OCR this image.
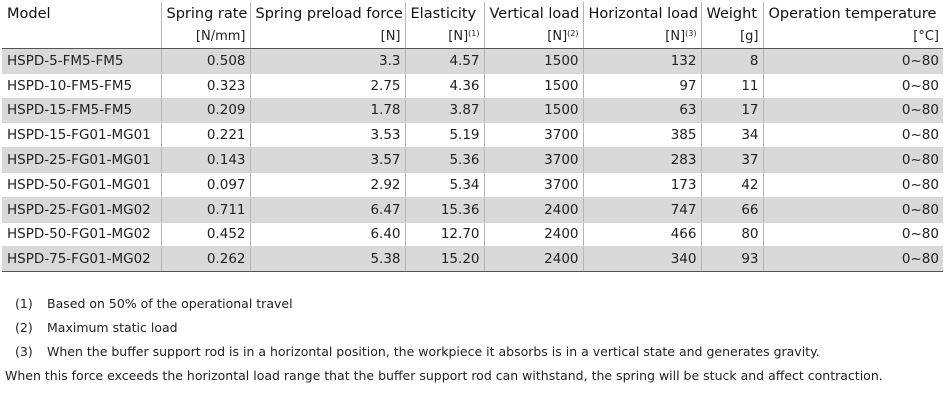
Model	Spring rate	Spring preload force	Elasticity	Vertical load	Horizontal load	Weight	Operation temperature
	[N/mm]	[N]	$[N]^{(1)}$	$[N]^{(2)}$	$[N]^{(3)}$	[g]	[°C]
HSPD-5-FM5-FM5	0.508	3.3	4.57	1500	132	8	0~80
HSPD-10-FM5-FM5	0.323	2.75	4.36	1500	97	11	0~80
HSPD-15-FM5-FM5	0.209	1.78	3.87	1500	63	17	0~80
HSPD-15-FG01-MG01	0.221	3.53	5.19	3700	385	34	0~80
HSPD-25-FG01-MG01	0.143	3.57	5.36	3700	283	37	0~80
HSPD-50-FG01-MG01	0.097	2.92	5.34	3700	173	42	0~80
HSPD-25-FG01-MG02	0.711	6.47	15.36	2400	747	66	0~80
HSPD-50-FG01-MG02	0.452	6.40	12.70	2400	466	80	0~80
HSPD-75-FG01-MG02	0.262	5.38	15.20	2400	340	93	0~80
(1) Based on 50% of the operational travel
(2) Maximum static load
(3) When the buffer support rod is in a horizontal position, the workpiece it absorbs is in a vertical state and generates gravity.
When this force exceeds the horizontal load range that the buffer support rod can withstand, the spring will be stuck and affect contraction.
